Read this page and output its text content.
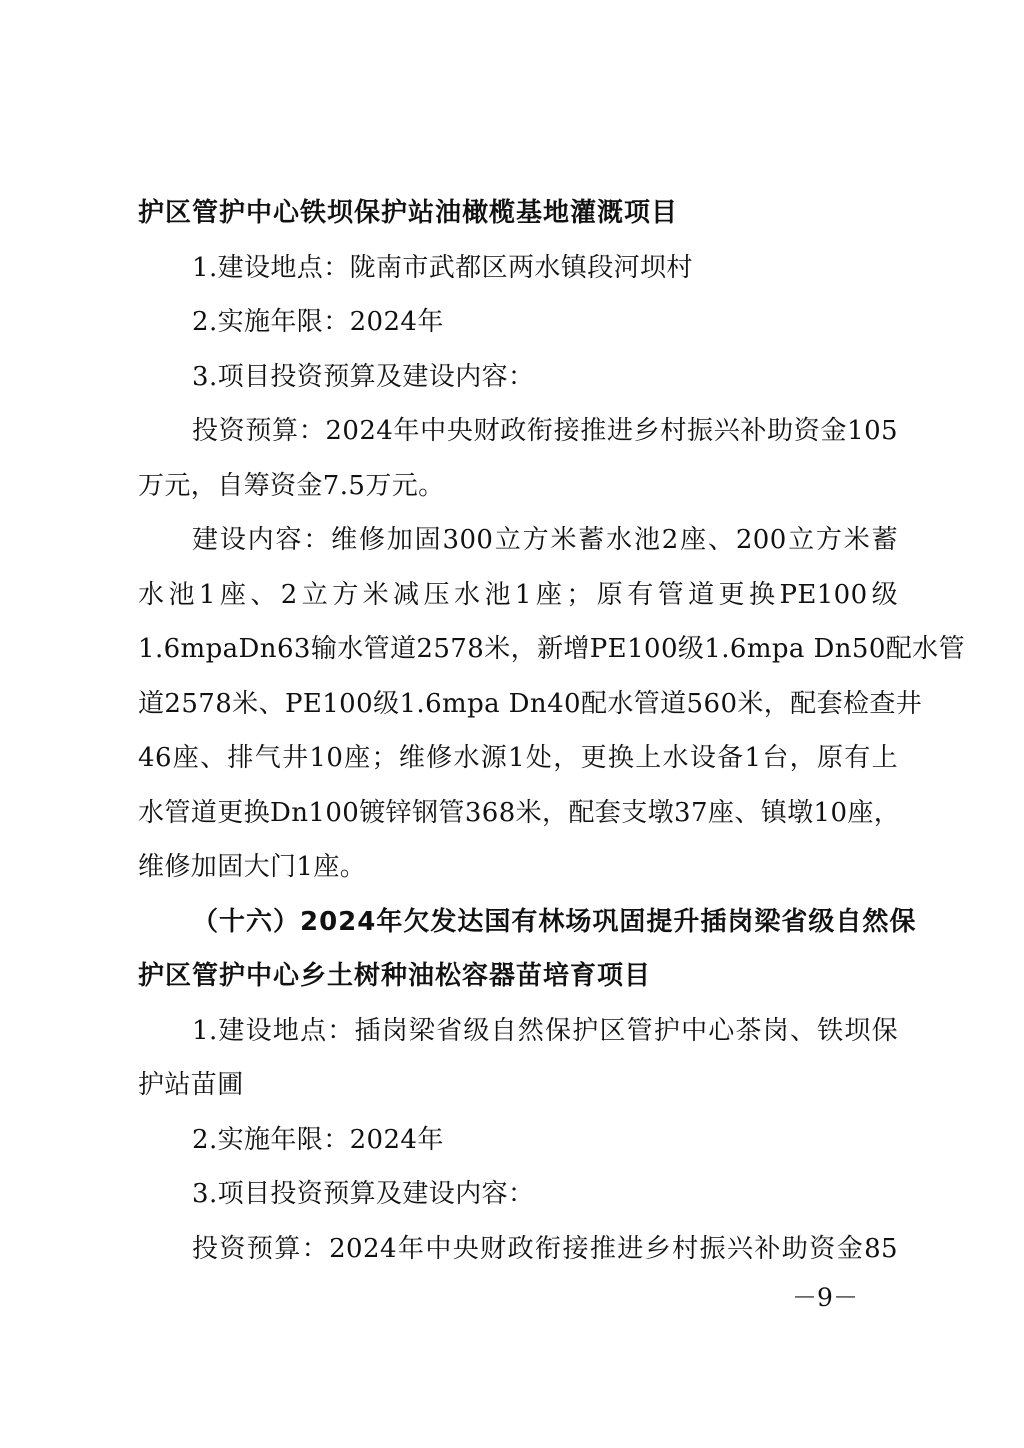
护区管护中心铁坝保护站油橄榄基地灌溉项目
1.建设地点：陇南市武都区两水镇段河坝村
2.实施年限：2024年
3.项目投资预算及建设内容：
投资预算：2024年中央财政衔接推进乡村振兴补助资金105
万元，自筹资金7.5万元。
建设内容：维修加固300立方米蓄水池2座、200立方米蓄
水池1座、2立方米减压水池1座；原有管道更换PE100级
1.6mpaDn63输水管道2578米，新增PE100级1.6mpa Dn50配水管
道2578米、PE100级1.6mpa Dn40配水管道560米，配套检查井
46座、排气井10座；维修水源1处，更换上水设备1台，原有上
水管道更换Dn100镀锌钢管368米，配套支墩37座、镇墩10座，
维修加固大门1座。
（十六）2024年欠发达国有林场巩固提升插岗梁省级自然保
护区管护中心乡土树种油松容器苗培育项目
1.建设地点：插岗梁省级自然保护区管护中心茶岗、铁坝保
护站苗圃
2.实施年限：2024年
3.项目投资预算及建设内容：
投资预算：2024年中央财政衔接推进乡村振兴补助资金85
－9－
